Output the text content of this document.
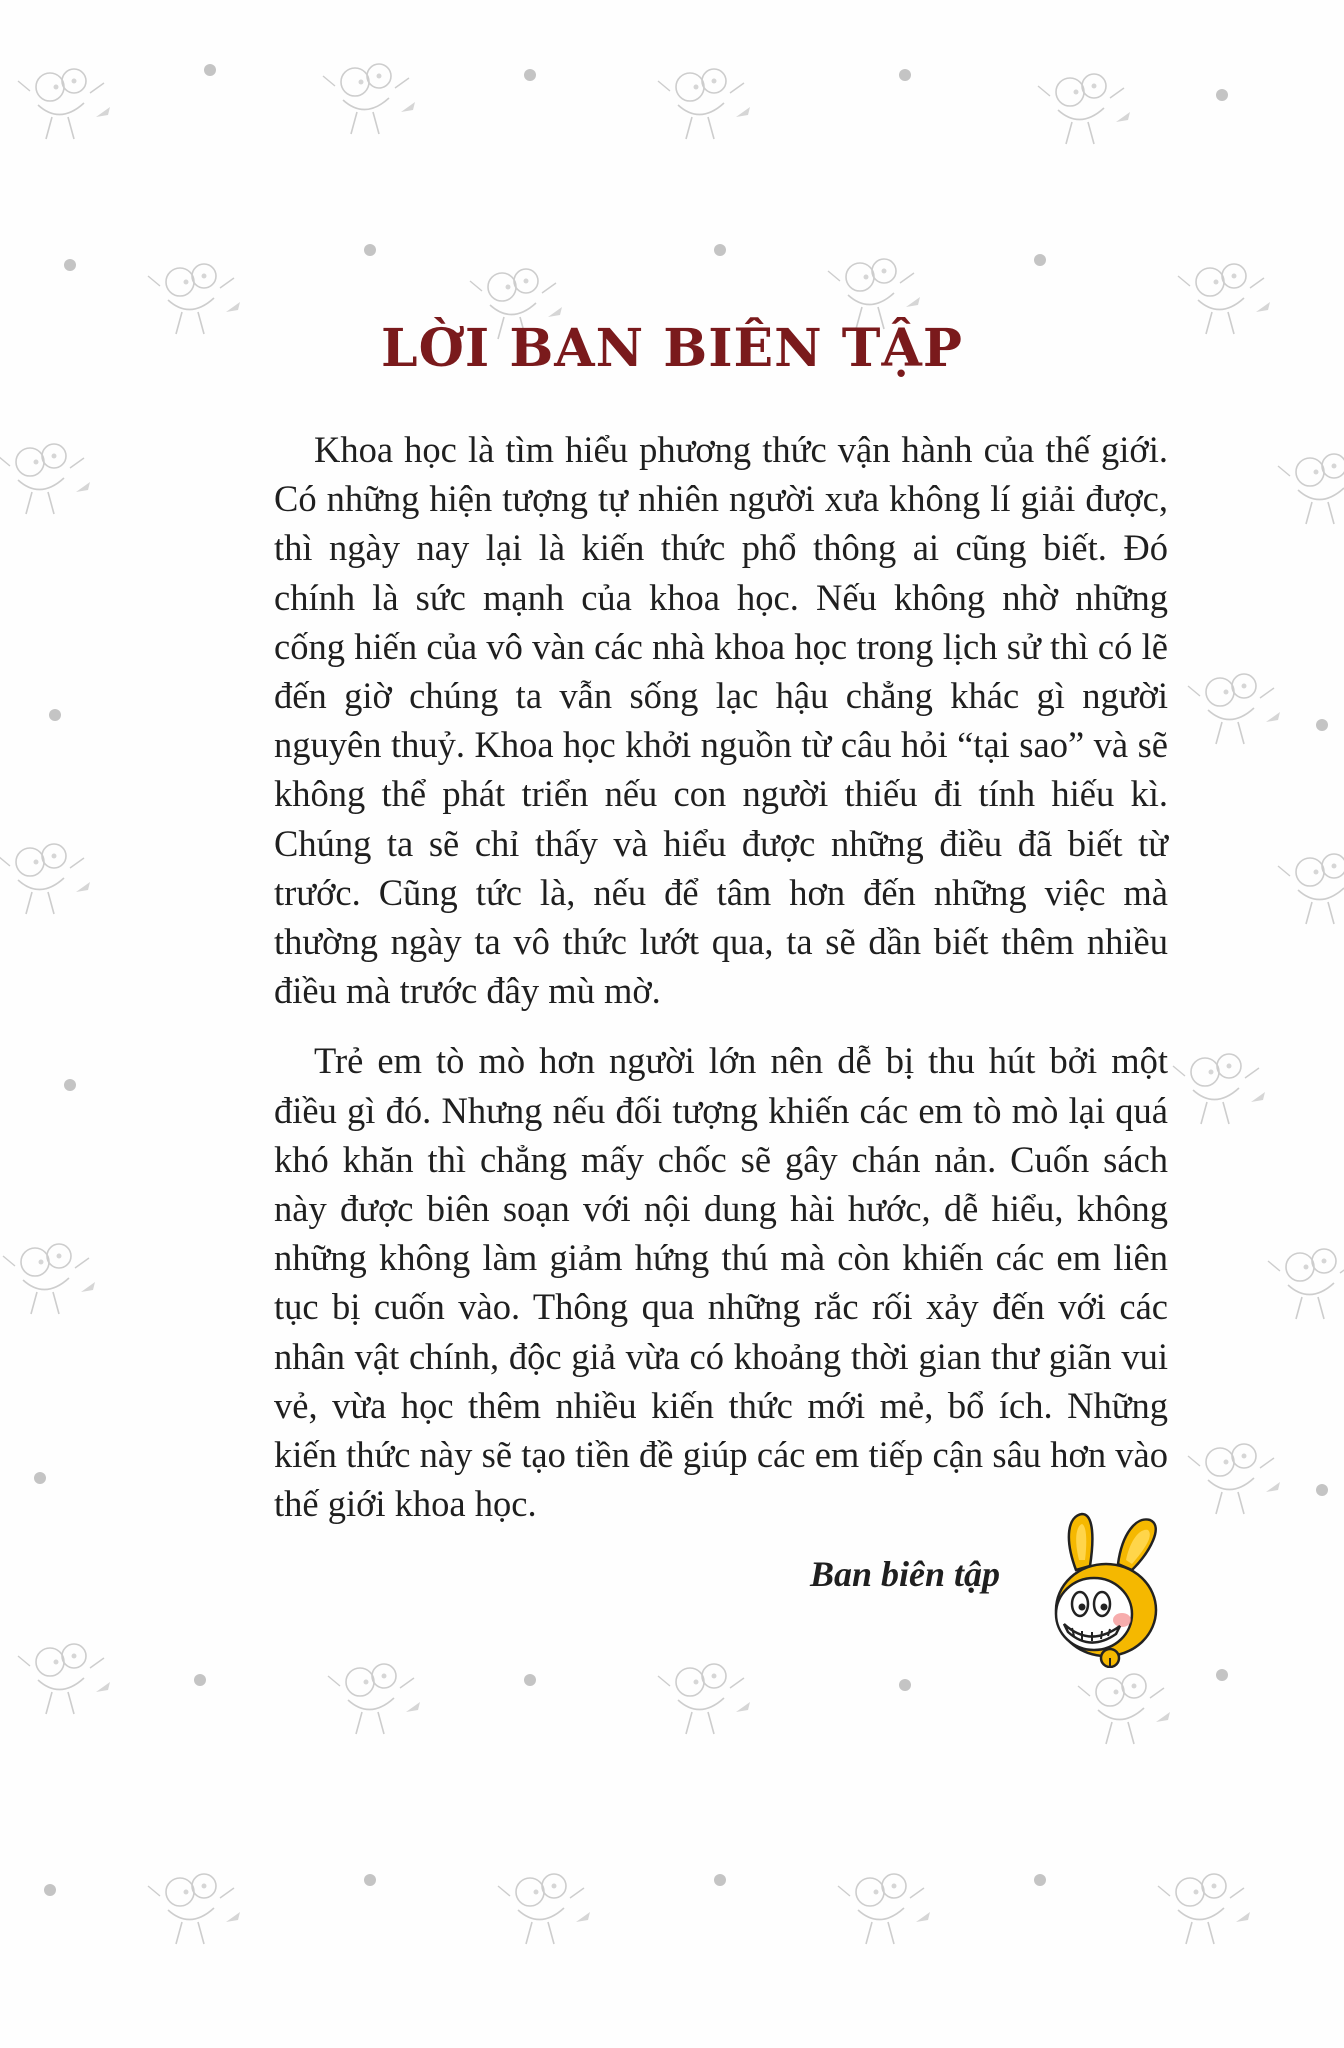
LỜI BAN BIÊN TẬP

Khoa học là tìm hiểu phương thức vận hành của thế giới. Có những hiện tượng tự nhiên người xưa không lí giải được, thì ngày nay lại là kiến thức phổ thông ai cũng biết. Đó chính là sức mạnh của khoa học. Nếu không nhờ những cống hiến của vô vàn các nhà khoa học trong lịch sử thì có lẽ đến giờ chúng ta vẫn sống lạc hậu chẳng khác gì người nguyên thuỷ. Khoa học khởi nguồn từ câu hỏi “tại sao” và sẽ không thể phát triển nếu con người thiếu đi tính hiếu kì. Chúng ta sẽ chỉ thấy và hiểu được những điều đã biết từ trước. Cũng tức là, nếu để tâm hơn đến những việc mà thường ngày ta vô thức lướt qua, ta sẽ dần biết thêm nhiều điều mà trước đây mù mờ.

Trẻ em tò mò hơn người lớn nên dễ bị thu hút bởi một điều gì đó. Nhưng nếu đối tượng khiến các em tò mò lại quá khó khăn thì chẳng mấy chốc sẽ gây chán nản. Cuốn sách này được biên soạn với nội dung hài hước, dễ hiểu, không những không làm giảm hứng thú mà còn khiến các em liên tục bị cuốn vào. Thông qua những rắc rối xảy đến với các nhân vật chính, độc giả vừa có khoảng thời gian thư giãn vui vẻ, vừa học thêm nhiều kiến thức mới mẻ, bổ ích. Những kiến thức này sẽ tạo tiền đề giúp các em tiếp cận sâu hơn vào thế giới khoa học.

Ban biên tập
